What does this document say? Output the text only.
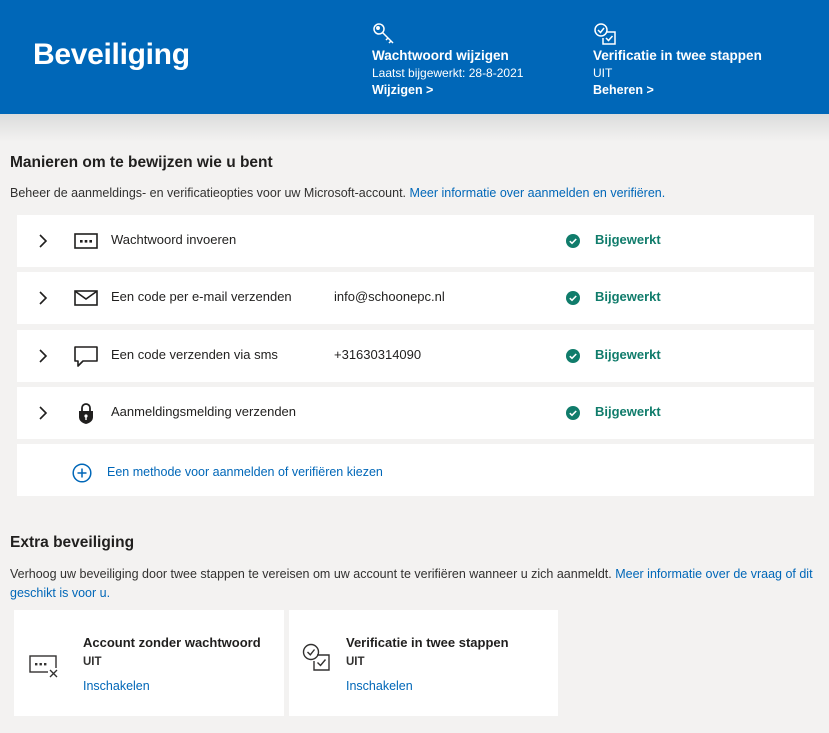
Beveiliging	Wachtwoord wijzigen
Laatst bijgewerkt: 28-8-2021
Wijzigen >
Verificatie in twee stappen
UIT
Beheren >
Manieren om te bewijzen wie u bent
Beheer de aanmeldings- en verificatieopties voor uw Microsoft-account. Meer informatie over aanmelden en verifiëren.
Wachtwoord invoeren	Bijgewerkt
Een code per e-mail verzenden	info@schoonepc.nl	Bijgewerkt
Een code verzenden via sms	+31630314090	Bijgewerkt
Aanmeldingsmelding verzenden	Bijgewerkt
Een methode voor aanmelden of verifiëren kiezen
Extra beveiliging
Verhoog uw beveiliging door twee stappen te vereisen om uw account te verifiëren wanneer u zich aanmeldt. Meer informatie over de vraag of dit geschikt is voor u.
Account zonder wachtwoord
UIT
Inschakelen
Verificatie in twee stappen
UIT
Inschakelen
